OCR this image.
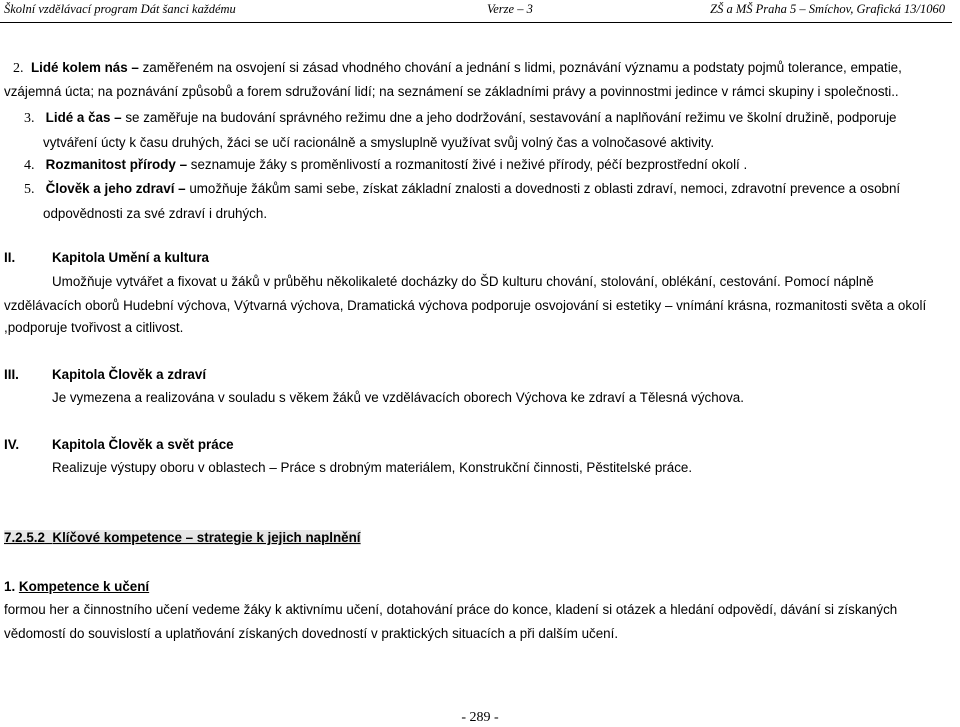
Školní vzdělávací program Dát šanci každému	Verze – 3	ZŠ a MŠ Praha 5 – Smíchov, Grafická 13/1060
2. Lidé kolem nás – zaměřeném na osvojení si zásad vhodného chování a jednání s lidmi, poznávání významu a podstaty pojmů tolerance, empatie,
vzájemná úcta; na poznávání způsobů a forem sdružování lidí; na seznámení se základními právy a povinnostmi jedince v rámci skupiny i společnosti..
3. Lidé a čas – se zaměřuje na budování správného režimu dne a jeho dodržování, sestavování a naplňování režimu ve školní družině, podporuje
vytváření úcty k času druhých, žáci se učí racionálně a smysluplně využívat svůj volný čas a volnočasové aktivity.
4. Rozmanitost přírody – seznamuje žáky s proměnlivostí a rozmanitostí živé i neživé přírody, péčí bezprostřední okolí .
5. Člověk a jeho zdraví – umožňuje žákům sami sebe, získat základní znalosti a dovednosti z oblasti zdraví, nemoci, zdravotní prevence a osobní
odpovědnosti za své zdraví i druhých.
II.	Kapitola Umění a kultura
Umožňuje vytvářet a fixovat u žáků v průběhu několikaleté docházky do ŠD kulturu chování, stolování, oblékání, cestování. Pomocí náplně
vzdělávacích oborů Hudební výchova, Výtvarná výchova, Dramatická výchova podporuje osvojování si estetiky – vnímání krásna, rozmanitosti světa a okolí
,podporuje tvořivost a citlivost.
III. Kapitola Člověk a zdraví
Je vymezena a realizována v souladu s věkem žáků ve vzdělávacích oborech Výchova ke zdraví a Tělesná výchova.
IV. Kapitola Člověk a svět práce
Realizuje výstupy oboru v oblastech – Práce s drobným materiálem, Konstrukční činnosti, Pěstitelské práce.
7.2.5.2 Klíčové kompetence – strategie k jejich naplnění
1. Kompetence k učení
formou her a činnostního učení vedeme žáky k aktivnímu učení, dotahování práce do konce, kladení si otázek a hledání odpovědí, dávání si získaných
vědomostí do souvislostí a uplatňování získaných dovedností v praktických situacích a při dalším učení.
- 289 -
